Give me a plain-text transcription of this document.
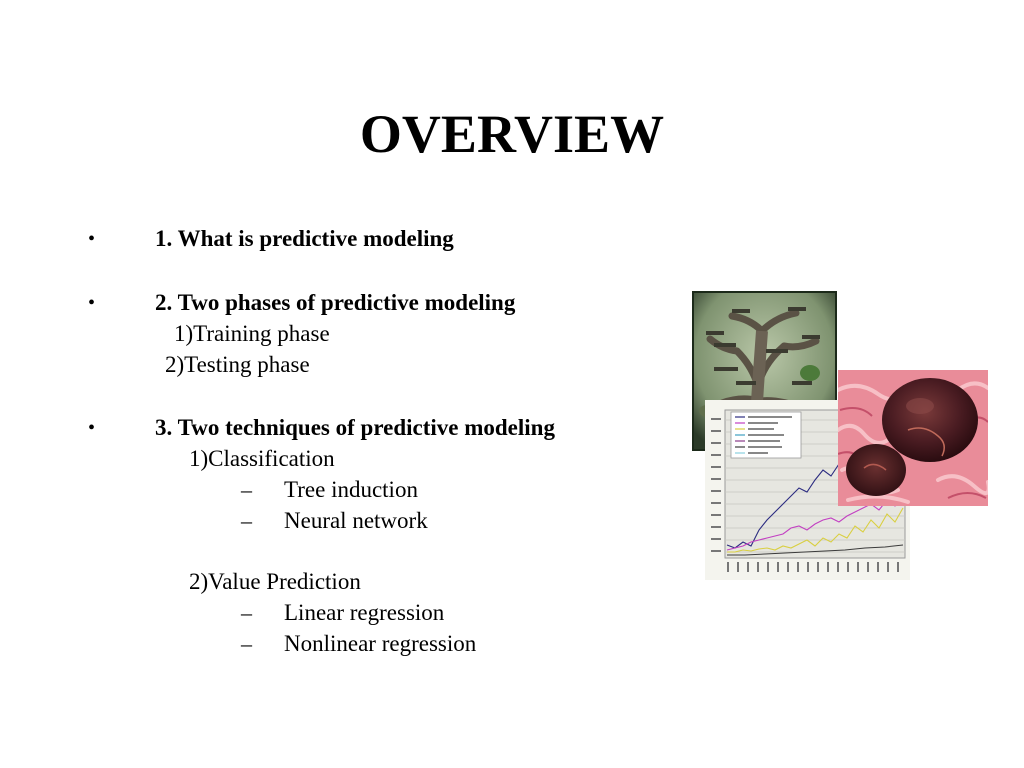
OVERVIEW
•	1. What is predictive modeling
•	2. Two phases of predictive modeling
1)Training phase
2)Testing phase
•	3. Two techniques of predictive modeling
1)Classification
– Tree induction
– Neural network
2)Value Prediction
– Linear regression
– Nonlinear regression
